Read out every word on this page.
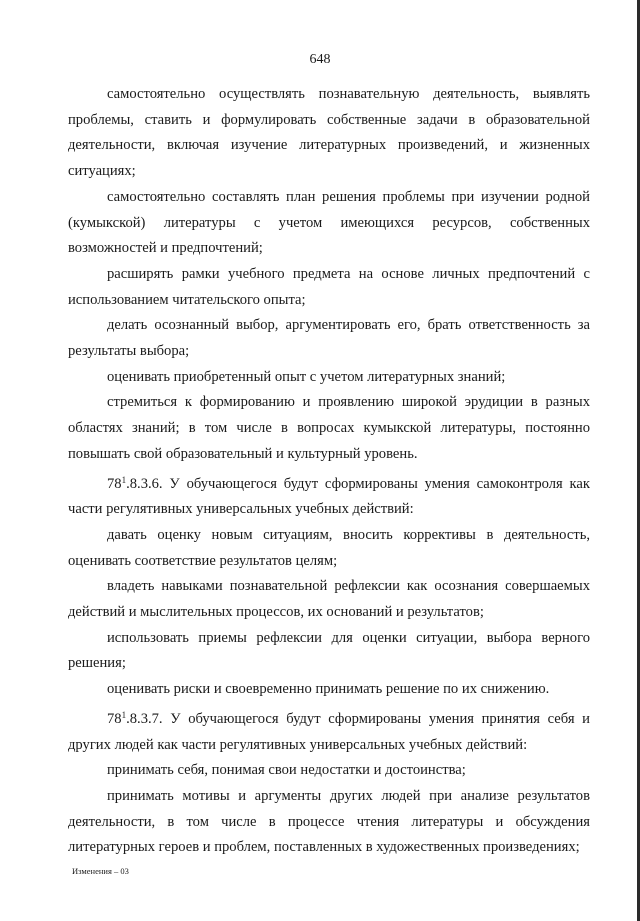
648

самостоятельно осуществлять познавательную деятельность, выявлять проблемы, ставить и формулировать собственные задачи в образовательной деятельности, включая изучение литературных произведений, и жизненных ситуациях;

самостоятельно составлять план решения проблемы при изучении родной (кумыкской) литературы с учетом имеющихся ресурсов, собственных возможностей и предпочтений;

расширять рамки учебного предмета на основе личных предпочтений с использованием читательского опыта;

делать осознанный выбор, аргументировать его, брать ответственность за результаты выбора;

оценивать приобретенный опыт с учетом литературных знаний;

стремиться к формированию и проявлению широкой эрудиции в разных областях знаний; в том числе в вопросах кумыкской литературы, постоянно повышать свой образовательный и культурный уровень.

$78^1.8.3.6$. У обучающегося будут сформированы умения самоконтроля как части регулятивных универсальных учебных действий:

давать оценку новым ситуациям, вносить коррективы в деятельность, оценивать соответствие результатов целям;

владеть навыками познавательной рефлексии как осознания совершаемых действий и мыслительных процессов, их оснований и результатов;

использовать приемы рефлексии для оценки ситуации, выбора верного решения;

оценивать риски и своевременно принимать решение по их снижению.

$78^1.8.3.7$. У обучающегося будут сформированы умения принятия себя и других людей как части регулятивных универсальных учебных действий:

принимать себя, понимая свои недостатки и достоинства;

принимать мотивы и аргументы других людей при анализе результатов деятельности, в том числе в процессе чтения литературы и обсуждения литературных героев и проблем, поставленных в художественных произведениях;

Изменения – 03
